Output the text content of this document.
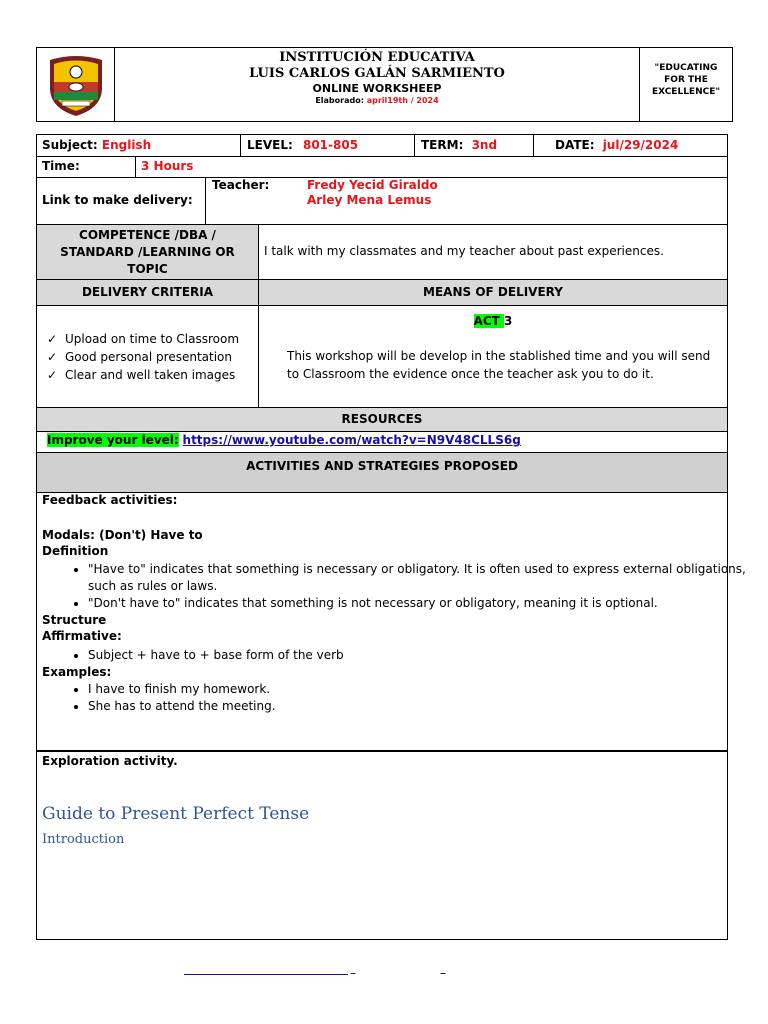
INSTITUCIÓN EDUCATIVA
LUIS CARLOS GALÁN SARMIENTO
ONLINE WORKSHEEP
Elaborado: april19th / 2024
"EDUCATING
FOR THE
EXCELLENCE"
Subject: English	LEVEL: 801-805	TERM: 3nd	DATE: jul/29/2024
Time:	3 Hours
Link to make delivery:
Teacher:	Fredy Yecid Giraldo
Arley Mena Lemus
COMPETENCE /DBA /
STANDARD /LEARNING OR
TOPIC
I talk with my classmates and my teacher about past experiences.
DELIVERY CRITERIA	MEANS OF DELIVERY
✓ Upload on time to Classroom
✓ Good personal presentation
✓ Clear and well taken images
ACT 3
This workshop will be develop in the stablished time and you will send to Classroom the evidence once the teacher ask you to do it.
RESOURCES
Improve your level: https://www.youtube.com/watch?v=N9V48CLLS6g
ACTIVITIES AND STRATEGIES PROPOSED
Feedback activities:
Modals: (Don't) Have to
Definition
• "Have to" indicates that something is necessary or obligatory. It is often used to express external obligations, such as rules or laws.
• "Don't have to" indicates that something is not necessary or obligatory, meaning it is optional.
Structure
Affirmative:
• Subject + have to + base form of the verb
Examples:
• I have to finish my homework.
• She has to attend the meeting.
Exploration activity.
Guide to Present Perfect Tense
Introduction
–	–
